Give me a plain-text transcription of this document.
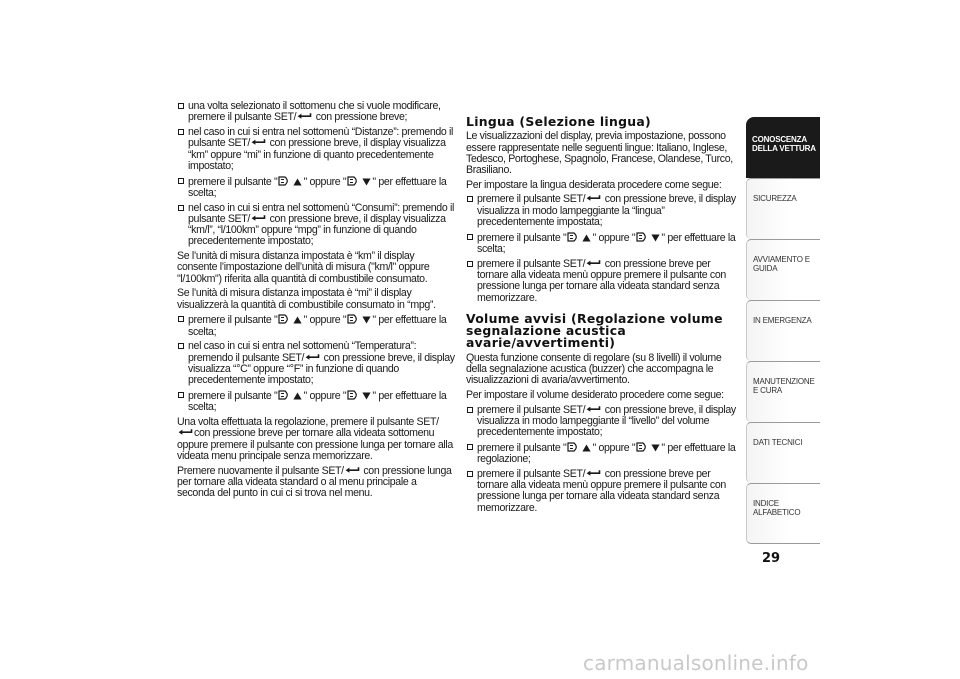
una volta selezionato il sottomenu che si vuole modificare, premere il pulsante SET/
con pressione breve;
nel caso in cui si entra nel sottomenù “Distanze”: premendo il pulsante SET/
con pressione breve, il display visualizza “km” oppure “mi” in funzione di quanto precedentemente impostato;
premere il pulsante " " oppure " " per effettuare la scelta;
nel caso in cui si entra nel sottomenù “Consumi”: premendo il pulsante SET/
con pressione breve, il display visualizza “km/l”, “l/100km” oppure “mpg” in funzione di quando precedentemente impostato;
Se l’unità di misura distanza impostata è “km” il display consente l’impostazione dell’unità di misura ("km/l" oppure "l/100km") riferita alla quantità di combustibile consumato.
Se l’unità di misura distanza impostata è “mi” il display visualizzerà la quantità di combustibile consumato in “mpg”.
premere il pulsante " " oppure " " per effettuare la scelta;
nel caso in cui si entra nel sottomenù “Temperatura”: premendo il pulsante SET/
con pressione breve, il display visualizza “°C” oppure “°F” in funzione di quando precedentemente impostato;
premere il pulsante " " oppure " " per effettuare la scelta;
Una volta effettuata la regolazione, premere il pulsante SET/
con pressione breve per tornare alla videata sottomenu oppure premere il pulsante con pressione lunga per tornare alla videata menu principale senza memorizzare.
Premere nuovamente il pulsante SET/
con pressione lunga per tornare alla videata standard o al menu principale a seconda del punto in cui ci si trova nel menu.
Lingua (Selezione lingua)
Le visualizzazioni del display, previa impostazione, possono essere rappresentate nelle seguenti lingue: Italiano, Inglese, Tedesco, Portoghese, Spagnolo, Francese, Olandese, Turco, Brasiliano.
Per impostare la lingua desiderata procedere come segue:
premere il pulsante SET/
con pressione breve, il display visualizza in modo lampeggiante la “lingua” precedentemente impostata;
premere il pulsante " " oppure " " per effettuare la scelta;
premere il pulsante SET/
con pressione breve per tornare alla videata menù oppure premere il pulsante con pressione lunga per tornare alla videata standard senza memorizzare.
Volume avvisi (Regolazione volume segnalazione acustica avarie/avvertimenti)
Questa funzione consente di regolare (su 8 livelli) il volume della segnalazione acustica (buzzer) che accompagna le visualizzazioni di avaria/avvertimento.
Per impostare il volume desiderato procedere come segue:
premere il pulsante SET/
con pressione breve, il display visualizza in modo lampeggiante il “livello” del volume precedentemente impostato;
premere il pulsante " " oppure " " per effettuare la regolazione;
premere il pulsante SET/
con pressione breve per tornare alla videata menù oppure premere il pulsante con pressione lunga per tornare alla videata standard senza memorizzare.
CONOSCENZA DELLA VETTURA
SICUREZZA
AVVIAMENTO E GUIDA
IN EMERGENZA
MANUTENZIONE E CURA
DATI TECNICI
INDICE ALFABETICO
29
carmanualsonline.info
